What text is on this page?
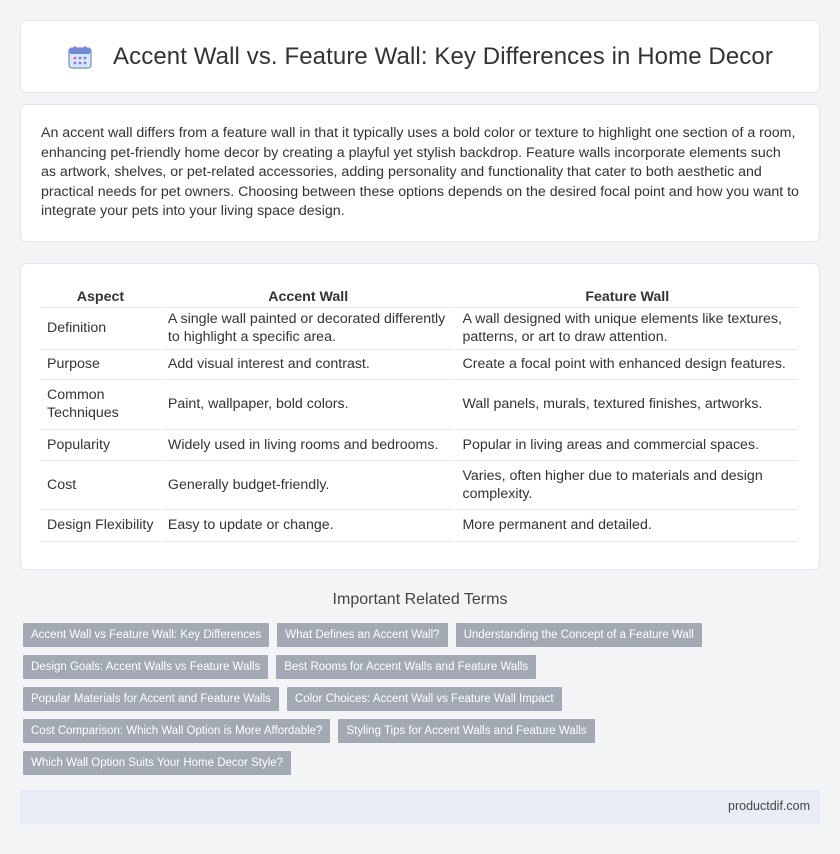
Accent Wall vs. Feature Wall: Key Differences in Home Decor

An accent wall differs from a feature wall in that it typically uses a bold color or texture to highlight one section of a room, enhancing pet-friendly home decor by creating a playful yet stylish backdrop. Feature walls incorporate elements such as artwork, shelves, or pet-related accessories, adding personality and functionality that cater to both aesthetic and practical needs for pet owners. Choosing between these options depends on the desired focal point and how you want to integrate your pets into your living space design.

Aspect	Accent Wall	Feature Wall
Definition	A single wall painted or decorated differently to highlight a specific area.	A wall designed with unique elements like textures, patterns, or art to draw attention.
Purpose	Add visual interest and contrast.	Create a focal point with enhanced design features.
Common Techniques	Paint, wallpaper, bold colors.	Wall panels, murals, textured finishes, artworks.
Popularity	Widely used in living rooms and bedrooms.	Popular in living areas and commercial spaces.
Cost	Generally budget-friendly.	Varies, often higher due to materials and design complexity.
Design Flexibility	Easy to update or change.	More permanent and detailed.
Important Related Terms
Accent Wall vs Feature Wall: Key Differences	What Defines an Accent Wall?	Understanding the Concept of a Feature Wall
Design Goals: Accent Walls vs Feature Walls	Best Rooms for Accent Walls and Feature Walls
Popular Materials for Accent and Feature Walls	Color Choices: Accent Wall vs Feature Wall Impact
Cost Comparison: Which Wall Option is More Affordable?	Styling Tips for Accent Walls and Feature Walls
Which Wall Option Suits Your Home Decor Style?
productdif.com
